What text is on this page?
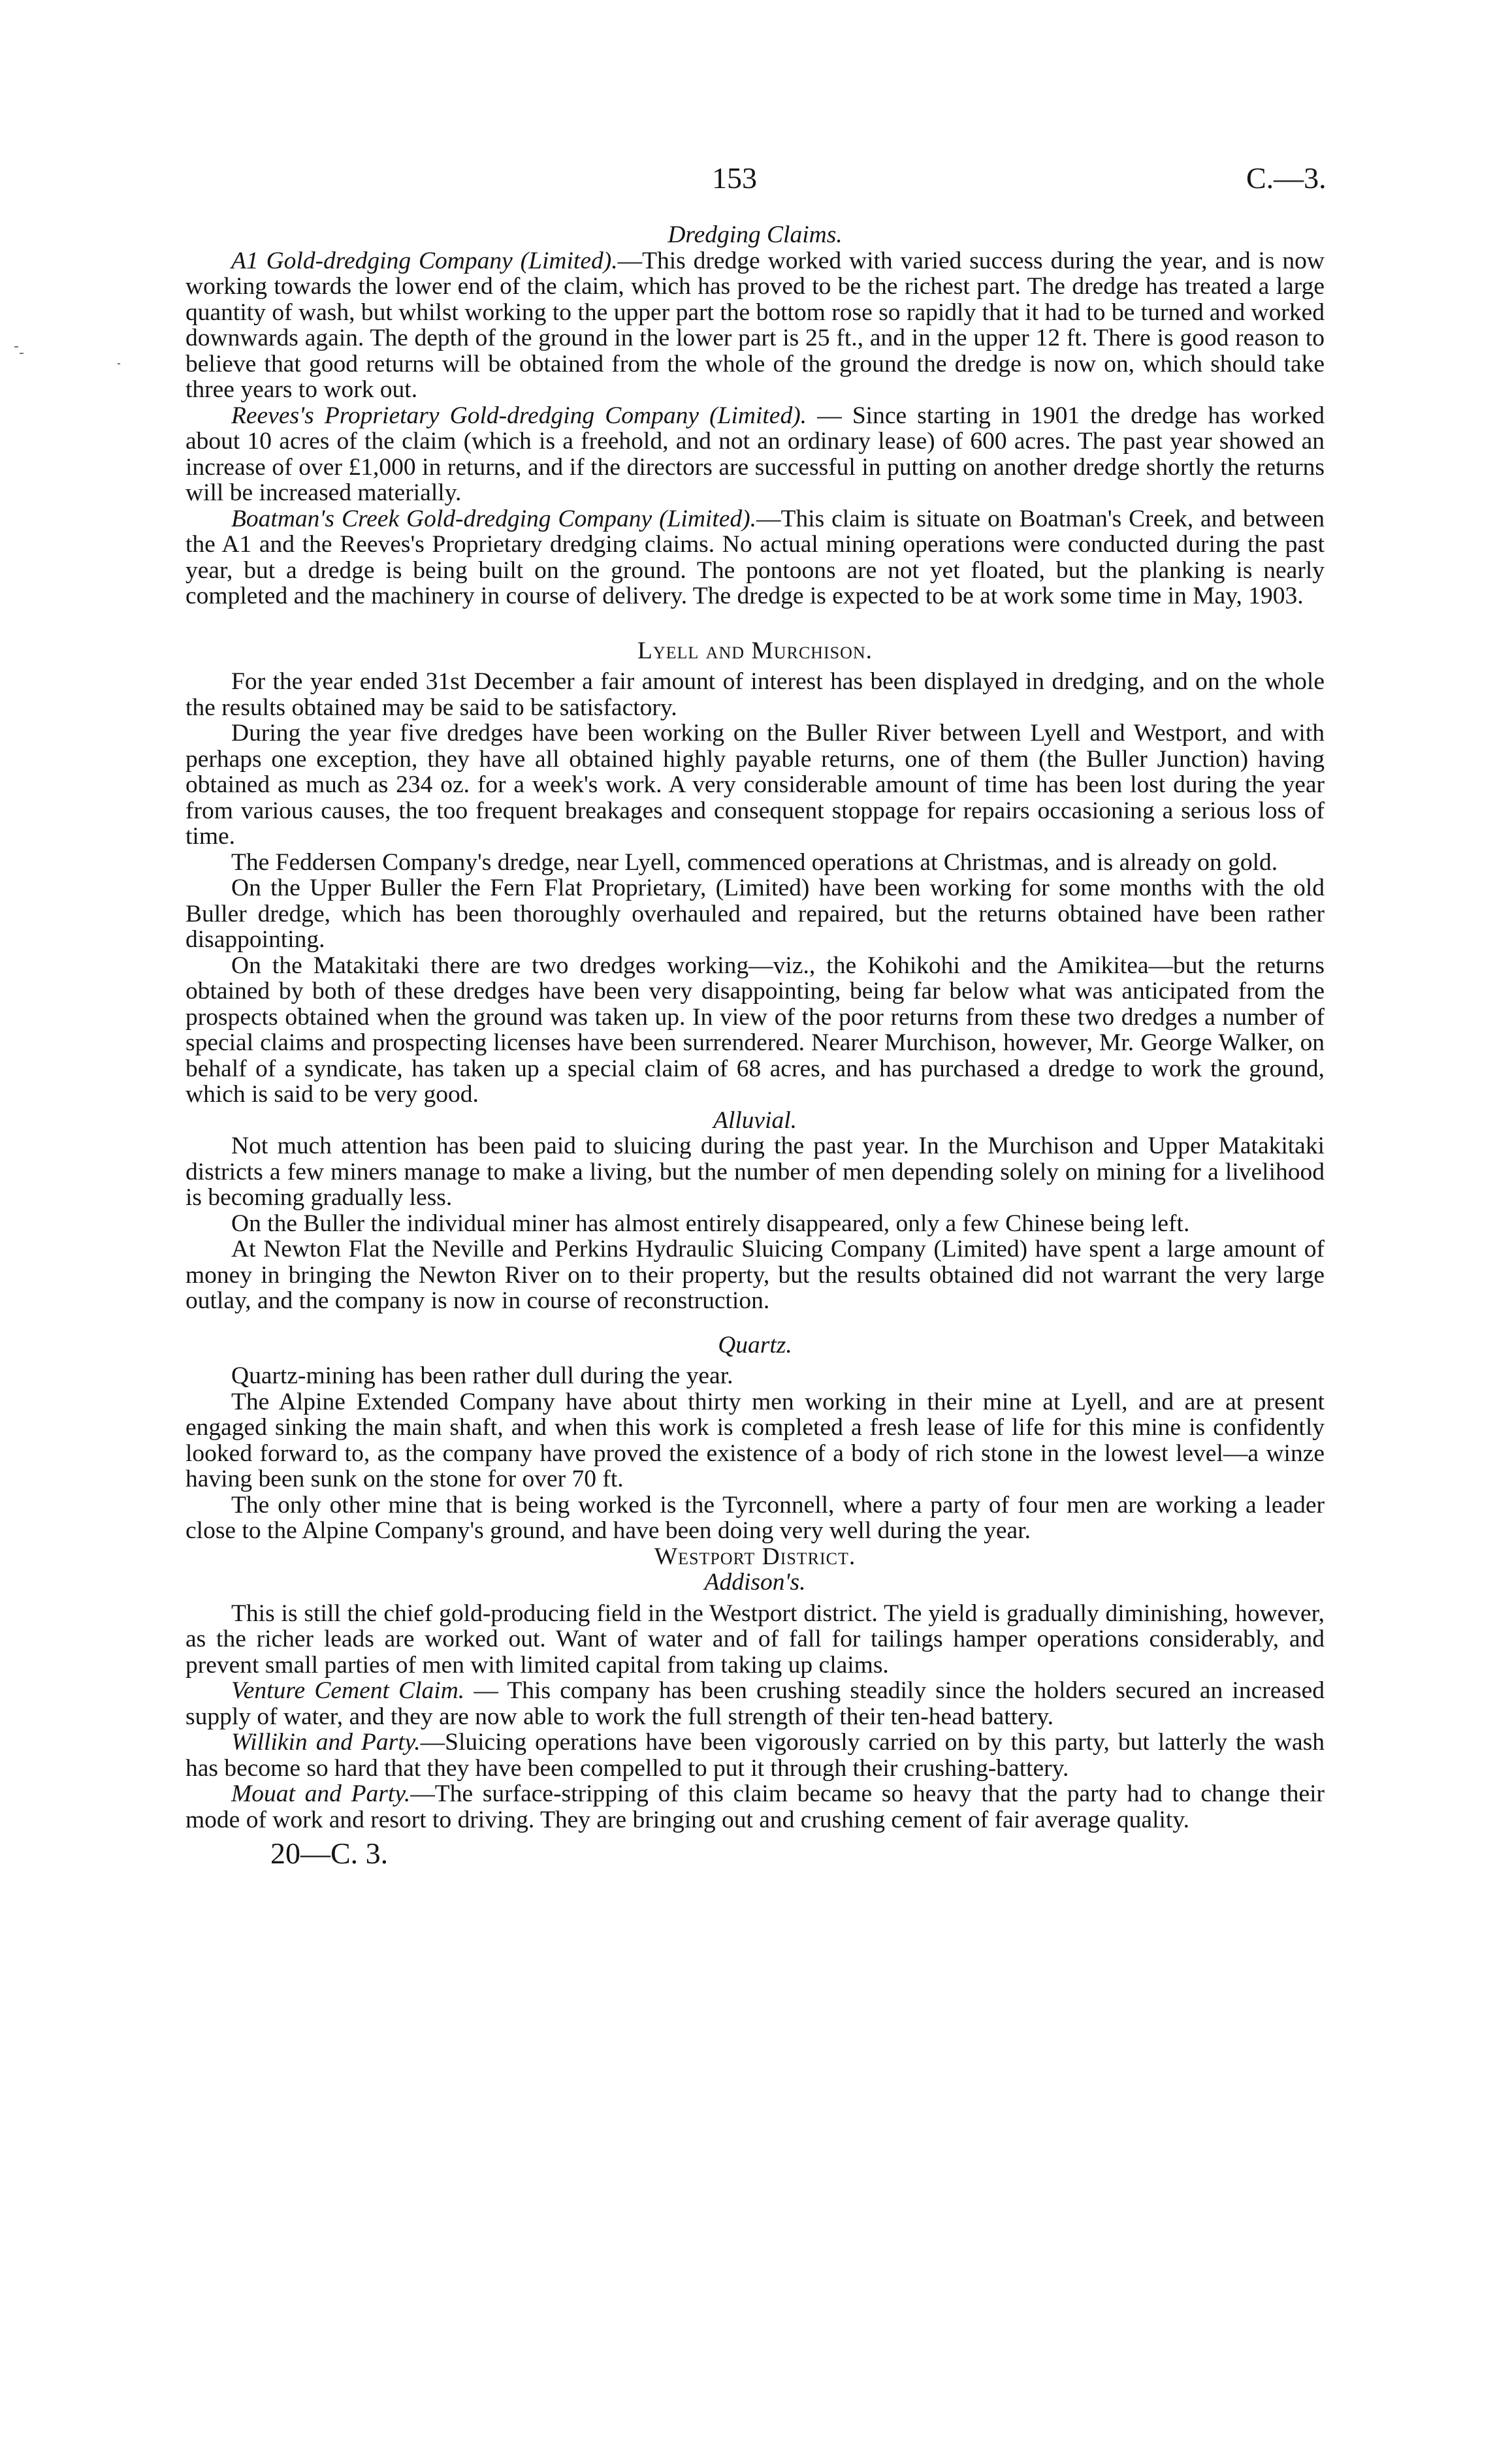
153	C.—3.
Dredging Claims.

A1 Gold-dredging Company (Limited).—This dredge worked with varied success during the year, and is now working towards the lower end of the claim, which has proved to be the richest part. The dredge has treated a large quantity of wash, but whilst working to the upper part the bottom rose so rapidly that it had to be turned and worked downwards again. The depth of the ground in the lower part is 25 ft., and in the upper 12 ft. There is good reason to believe that good returns will be obtained from the whole of the ground the dredge is now on, which should take three years to work out.

Reeves's Proprietary Gold-dredging Company (Limited). — Since starting in 1901 the dredge has worked about 10 acres of the claim (which is a freehold, and not an ordinary lease) of 600 acres. The past year showed an increase of over £1,000 in returns, and if the directors are successful in putting on another dredge shortly the returns will be increased materially.

Boatman's Creek Gold-dredging Company (Limited).—This claim is situate on Boatman's Creek, and between the A1 and the Reeves's Proprietary dredging claims. No actual mining operations were conducted during the past year, but a dredge is being built on the ground. The pontoons are not yet floated, but the planking is nearly completed and the machinery in course of delivery. The dredge is expected to be at work some time in May, 1903.

Lyell and Murchison.

For the year ended 31st December a fair amount of interest has been displayed in dredging, and on the whole the results obtained may be said to be satisfactory.

During the year five dredges have been working on the Buller River between Lyell and Westport, and with perhaps one exception, they have all obtained highly payable returns, one of them (the Buller Junction) having obtained as much as 234 oz. for a week's work. A very considerable amount of time has been lost during the year from various causes, the too frequent breakages and consequent stoppage for repairs occasioning a serious loss of time.

The Feddersen Company's dredge, near Lyell, commenced operations at Christmas, and is already on gold.

On the Upper Buller the Fern Flat Proprietary, (Limited) have been working for some months with the old Buller dredge, which has been thoroughly overhauled and repaired, but the returns obtained have been rather disappointing.

On the Matakitaki there are two dredges working—viz., the Kohikohi and the Amikitea—but the returns obtained by both of these dredges have been very disappointing, being far below what was anticipated from the prospects obtained when the ground was taken up. In view of the poor returns from these two dredges a number of special claims and prospecting licenses have been surrendered. Nearer Murchison, however, Mr. George Walker, on behalf of a syndicate, has taken up a special claim of 68 acres, and has purchased a dredge to work the ground, which is said to be very good.

Alluvial.

Not much attention has been paid to sluicing during the past year. In the Murchison and Upper Matakitaki districts a few miners manage to make a living, but the number of men depending solely on mining for a livelihood is becoming gradually less.

On the Buller the individual miner has almost entirely disappeared, only a few Chinese being left.

At Newton Flat the Neville and Perkins Hydraulic Sluicing Company (Limited) have spent a large amount of money in bringing the Newton River on to their property, but the results obtained did not warrant the very large outlay, and the company is now in course of reconstruction.

Quartz.

Quartz-mining has been rather dull during the year.

The Alpine Extended Company have about thirty men working in their mine at Lyell, and are at present engaged sinking the main shaft, and when this work is completed a fresh lease of life for this mine is confidently looked forward to, as the company have proved the existence of a body of rich stone in the lowest level—a winze having been sunk on the stone for over 70 ft.

The only other mine that is being worked is the Tyrconnell, where a party of four men are working a leader close to the Alpine Company's ground, and have been doing very well during the year.

Westport District.
Addison's.

This is still the chief gold-producing field in the Westport district. The yield is gradually diminishing, however, as the richer leads are worked out. Want of water and of fall for tailings hamper operations considerably, and prevent small parties of men with limited capital from taking up claims.

Venture Cement Claim. — This company has been crushing steadily since the holders secured an increased supply of water, and they are now able to work the full strength of their ten-head battery.

Willikin and Party.—Sluicing operations have been vigorously carried on by this party, but latterly the wash has become so hard that they have been compelled to put it through their crushing-battery.

Mouat and Party.—The surface-stripping of this claim became so heavy that the party had to change their mode of work and resort to driving. They are bringing out and crushing cement of fair average quality.

20—C. 3.
